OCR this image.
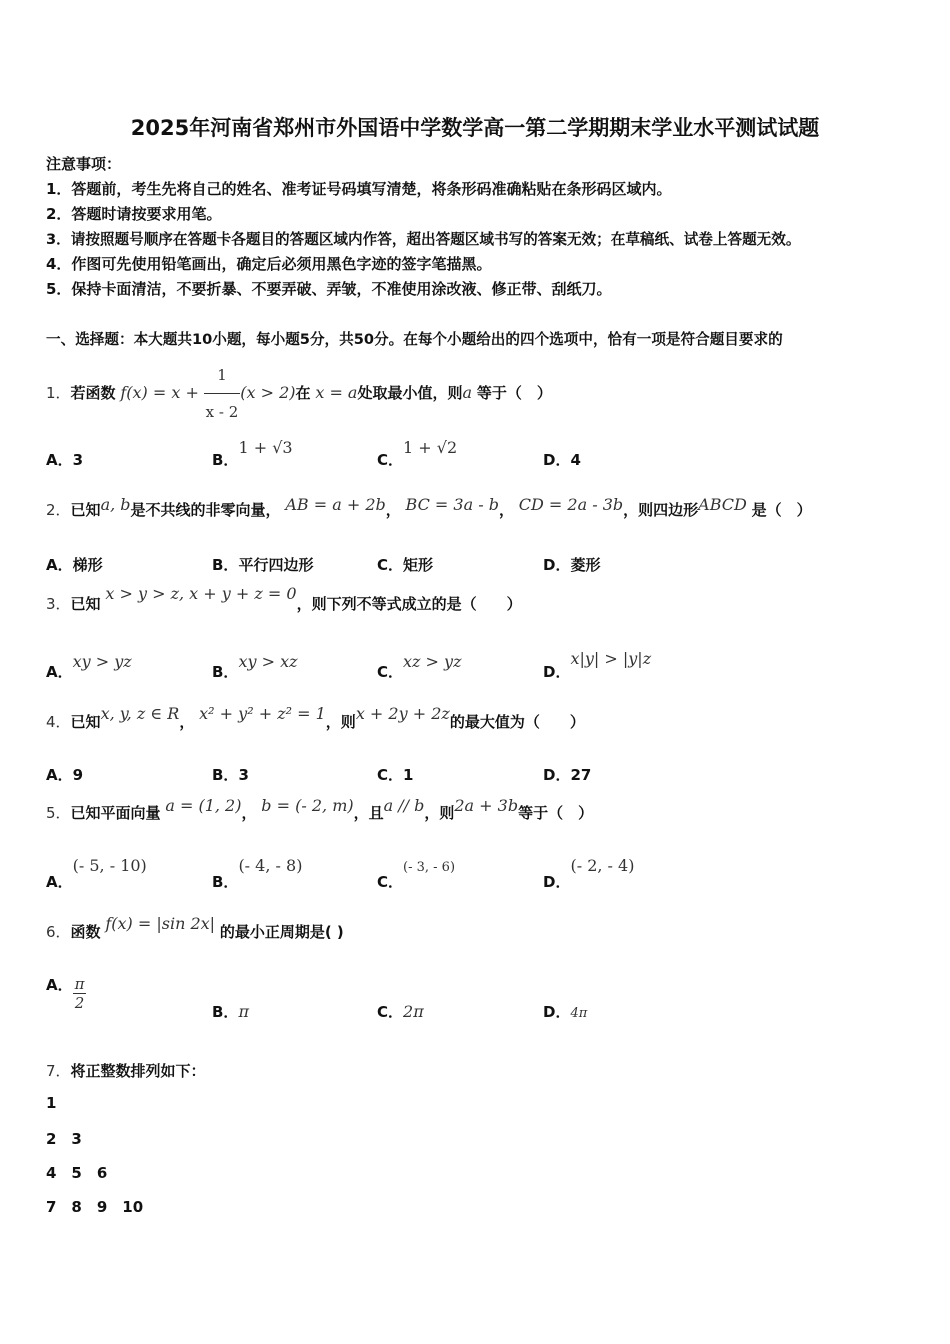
2025年河南省郑州市外国语中学数学高一第二学期期末学业水平测试试题
注意事项：
1．答题前，考生先将自己的姓名、准考证号码填写清楚，将条形码准确粘贴在条形码区域内。
2．答题时请按要求用笔。
3．请按照题号顺序在答题卡各题目的答题区域内作答，超出答题区域书写的答案无效；在草稿纸、试卷上答题无效。
4．作图可先使用铅笔画出，确定后必须用黑色字迹的签字笔描黑。
5．保持卡面清洁，不要折暴、不要弄破、弄皱，不准使用涂改液、修正带、刮纸刀。
一、选择题：本大题共10小题，每小题5分，共50分。在每个小题给出的四个选项中，恰有一项是符合题目要求的
1．若函数 $f(x) = x + \frac{1}{x - 2} (x > 2)$在 x = a处取最小值，则a 等于（　）
A．3	B．1 + √3
C．1 + √2
D．4
2．已知a, b是不共线的非零向量， AB = a + 2b， BC = 3a - b， CD = 2a - 3b，则四边形ABCD 是（　）
A．梯形	B．平行四边形	C．矩形	D．菱形
3．已知 x > y > z, x + y + z = 0，则下列不等式成立的是（　　）
A．xy > yz
B．xy > xz
C．xz > yz
D．x|y| > |y|z
4．已知x, y, z ∈ R， x² + y² + z² = 1，则x + 2y + 2z的最大值为（　　）
A．9	B．3	C．1	D．27
5．已知平面向量 a = (1, 2)， b = (- 2, m)，且a // b，则2a + 3b等于（　）
A．(- 5, - 10)
B．(- 4, - 8)
C．(- 3, - 6)
D．(- 2, - 4)
6．函数 f(x) = |sin 2x| 的最小正周期是( )
A． $\frac{\pi}{2}$	B．π	C．2π	D．4π
7．将正整数排列如下：
1
2　3
4　5　6
7　8　9　10
